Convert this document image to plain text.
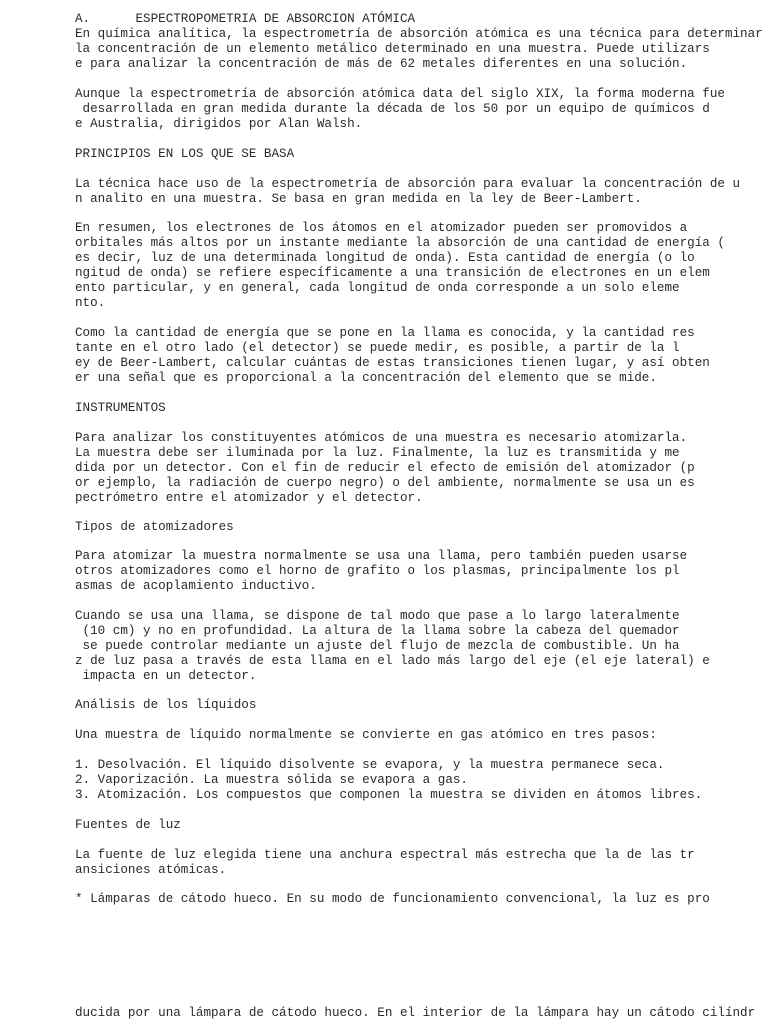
A.      ESPECTROPOMETRIA DE ABSORCION ATÓMICA

En química analítica, la espectrometría de absorción atómica es una técnica para determinar

la concentración de un elemento metálico determinado en una muestra. Puede utilizars

e para analizar la concentración de más de 62 metales diferentes en una solución.

Aunque la espectrometría de absorción atómica data del siglo XIX, la forma moderna fue

desarrollada en gran medida durante la década de los 50 por un equipo de químicos d

e Australia, dirigidos por Alan Walsh.

PRINCIPIOS EN LOS QUE SE BASA

La técnica hace uso de la espectrometría de absorción para evaluar la concentración de u

n analito en una muestra. Se basa en gran medida en la ley de Beer-Lambert.

En resumen, los electrones de los átomos en el atomizador pueden ser promovidos a

orbitales más altos por un instante mediante la absorción de una cantidad de energía (

es decir, luz de una determinada longitud de onda). Esta cantidad de energía (o lo

ngitud de onda) se refiere específicamente a una transición de electrones en un elem

ento particular, y en general, cada longitud de onda corresponde a un solo eleme

nto.

Como la cantidad de energía que se pone en la llama es conocida, y la cantidad res

tante en el otro lado (el detector) se puede medir, es posible, a partir de la l

ey de Beer-Lambert, calcular cuántas de estas transiciones tienen lugar, y así obten

er una señal que es proporcional a la concentración del elemento que se mide.

INSTRUMENTOS

Para analizar los constituyentes atómicos de una muestra es necesario atomizarla.

La muestra debe ser iluminada por la luz. Finalmente, la luz es transmitida y me

dida por un detector. Con el fin de reducir el efecto de emisión del atomizador (p

or ejemplo, la radiación de cuerpo negro) o del ambiente, normalmente se usa un es

pectrómetro entre el atomizador y el detector.

Tipos de atomizadores

Para atomizar la muestra normalmente se usa una llama, pero también pueden usarse

otros atomizadores como el horno de grafito o los plasmas, principalmente los pl

asmas de acoplamiento inductivo.

Cuando se usa una llama, se dispone de tal modo que pase a lo largo lateralmente

(10 cm) y no en profundidad. La altura de la llama sobre la cabeza del quemador

se puede controlar mediante un ajuste del flujo de mezcla de combustible. Un ha

z de luz pasa a través de esta llama en el lado más largo del eje (el eje lateral) e

impacta en un detector.

Análisis de los líquidos

Una muestra de líquido normalmente se convierte en gas atómico en tres pasos:

1. Desolvación. El líquido disolvente se evapora, y la muestra permanece seca.

2. Vaporización. La muestra sólida se evapora a gas.

3. Atomización. Los compuestos que componen la muestra se dividen en átomos libres.

Fuentes de luz

La fuente de luz elegida tiene una anchura espectral más estrecha que la de las tr

ansiciones atómicas.

* Lámparas de cátodo hueco. En su modo de funcionamiento convencional, la luz es pro

ducida por una lámpara de cátodo hueco. En el interior de la lámpara hay un cátodo cilíndr
